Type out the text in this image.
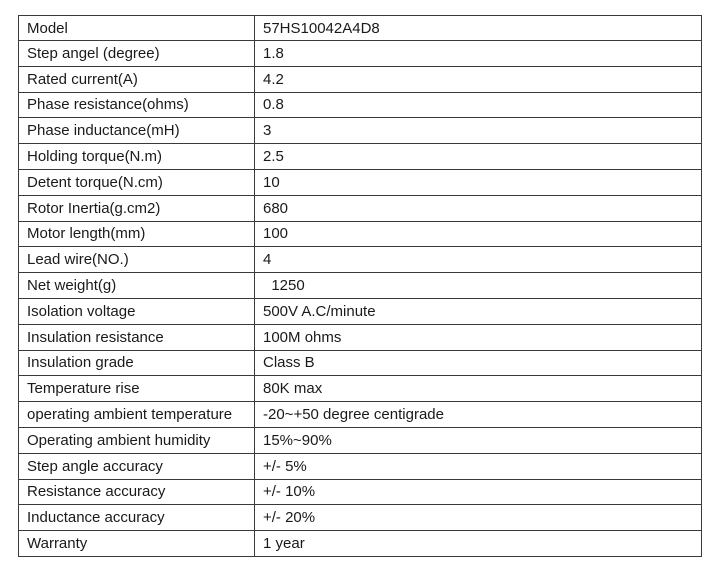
Model	57HS10042A4D8
Step angel (degree)	1.8
Rated current(A)	4.2
Phase resistance(ohms)	0.8
Phase inductance(mH)	3
Holding torque(N.m)	2.5
Detent torque(N.cm)	10
Rotor Inertia(g.cm2)	680
Motor length(mm)	100
Lead wire(NO.)	4
Net weight(g)	1250
Isolation voltage	500V A.C/minute
Insulation resistance	100M ohms
Insulation grade	Class B
Temperature rise	80K max
operating ambient temperature	-20~+50 degree centigrade
Operating ambient humidity	15%~90%
Step angle accuracy	+/- 5%
Resistance accuracy	+/- 10%
Inductance accuracy	+/- 20%
Warranty	1 year
